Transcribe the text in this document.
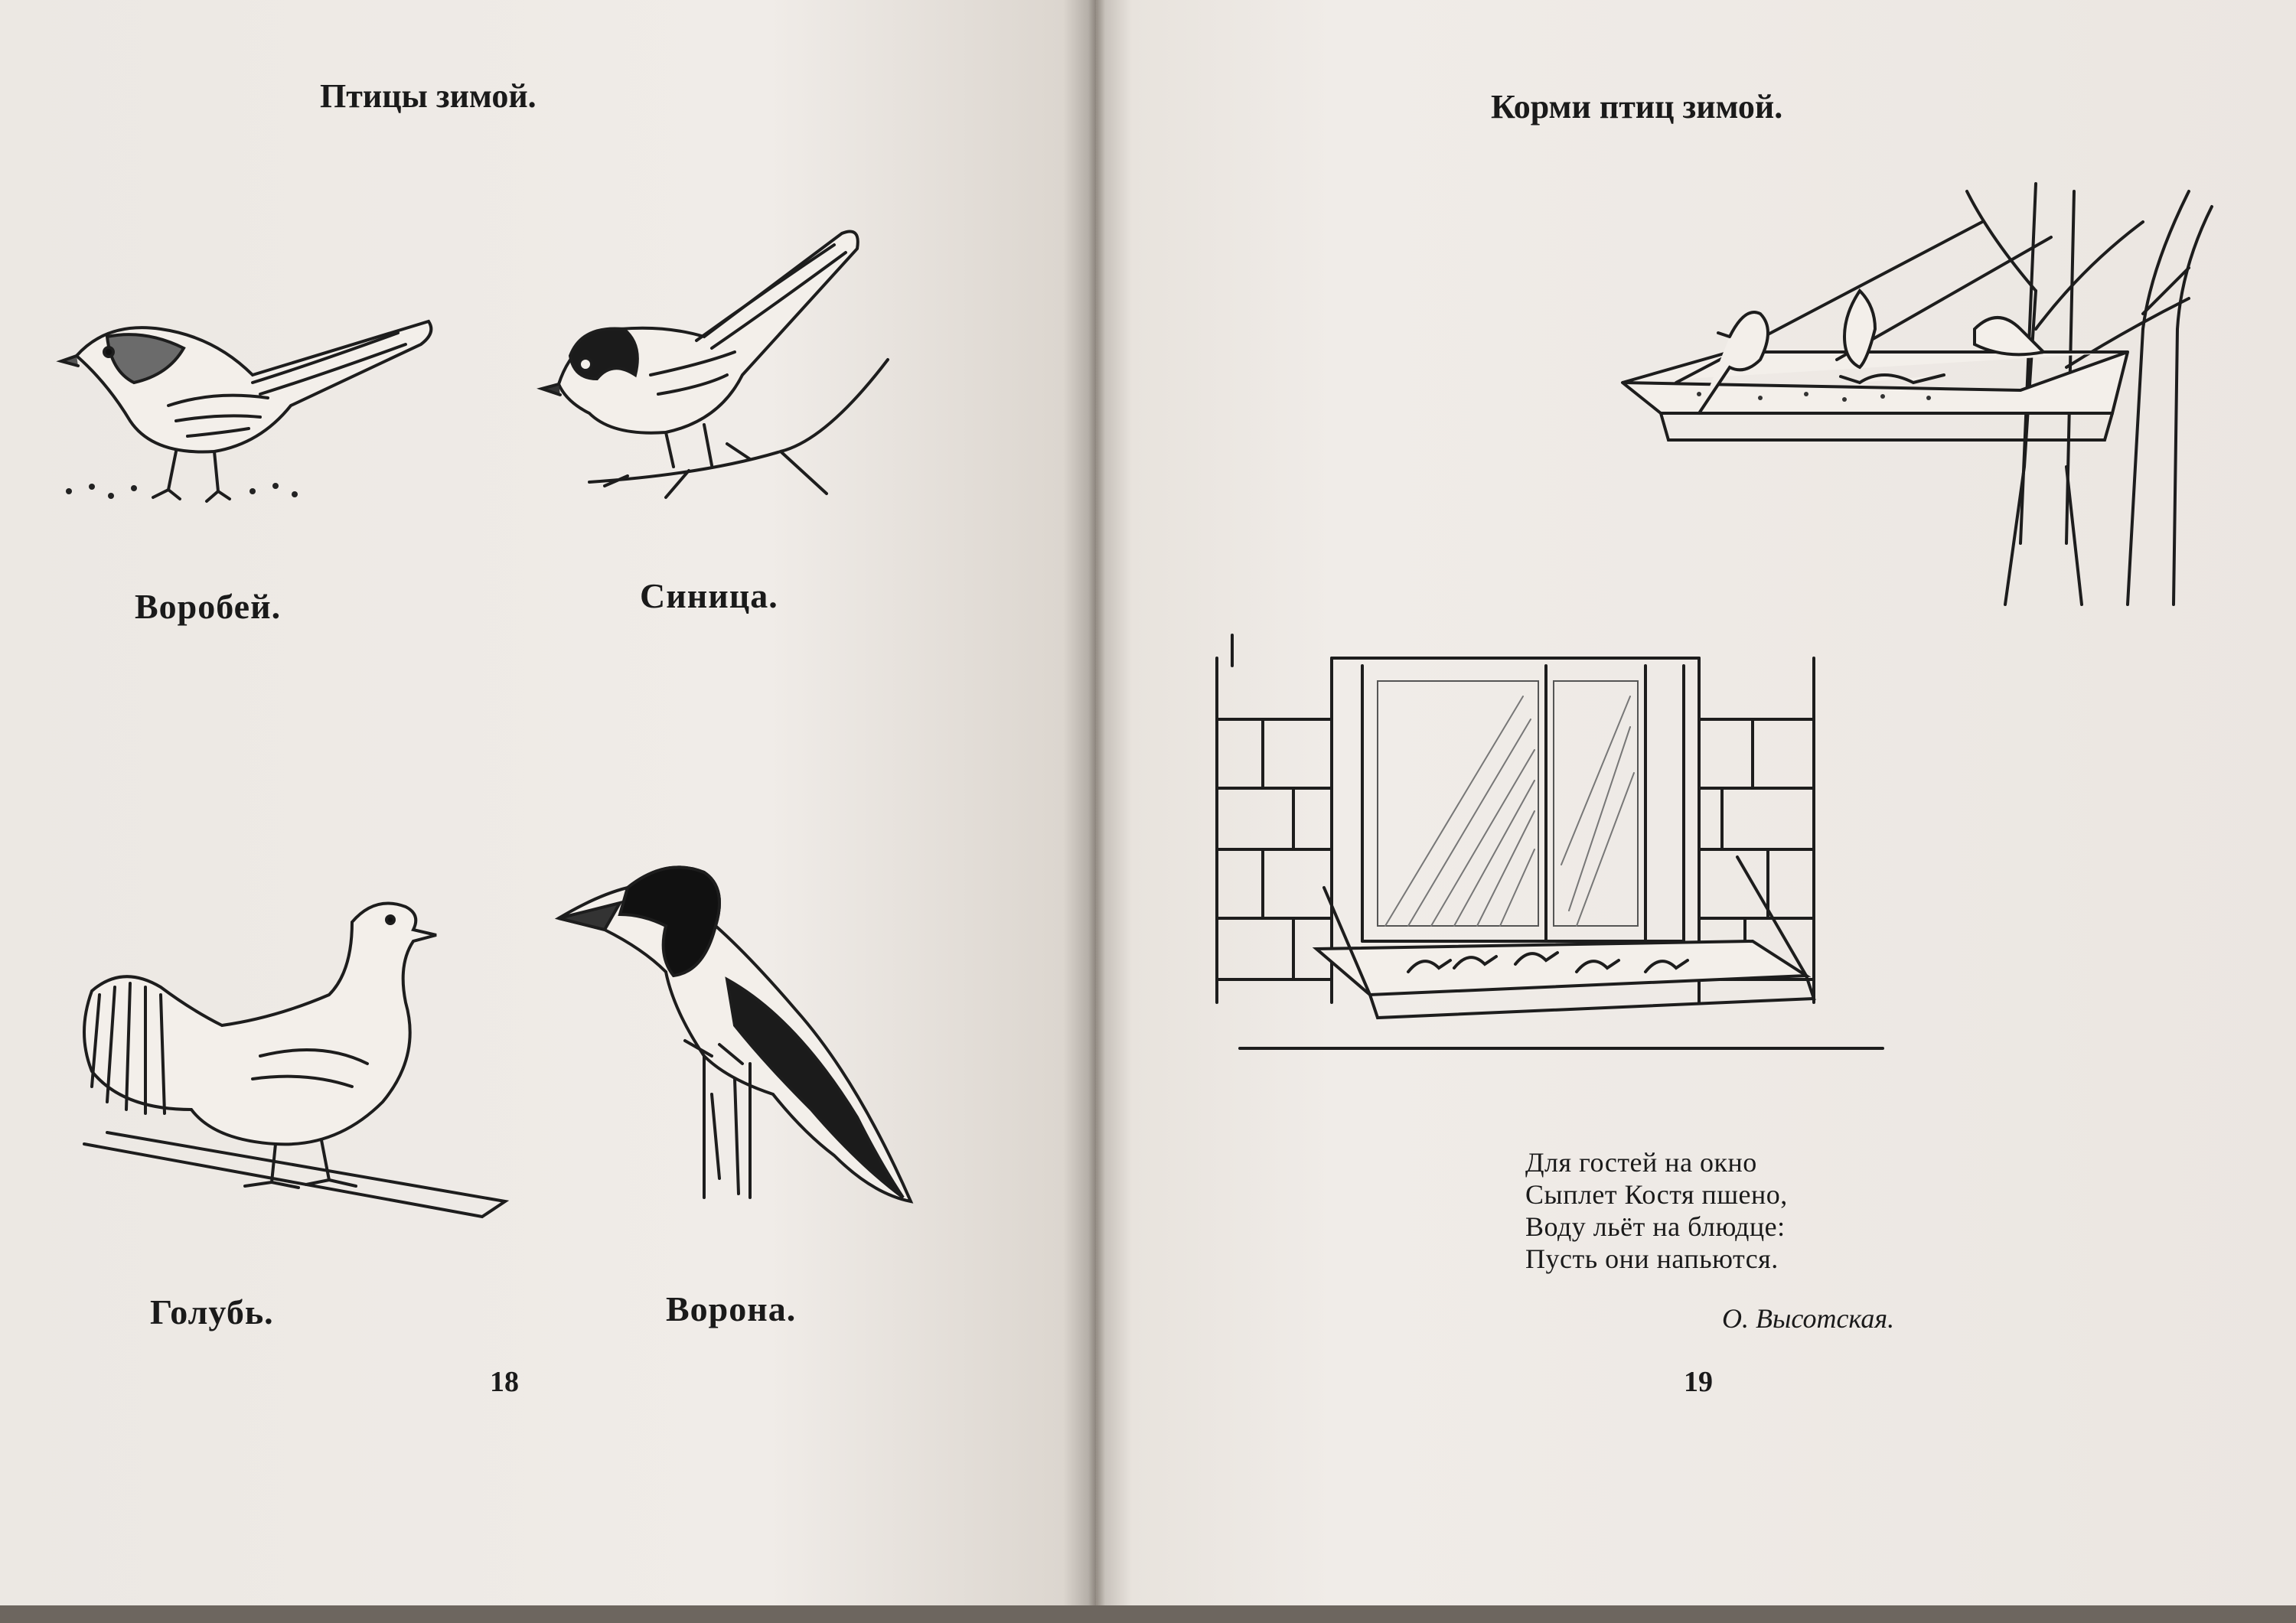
Птицы зимой.
Воробей.	Синица.
Голубь.	Ворона.
18
Корми птиц зимой.
Для гостей на окно
Сыплет Костя пшено,
Воду льёт на блюдце:
Пусть они напьются.
О. Высотская.
19
